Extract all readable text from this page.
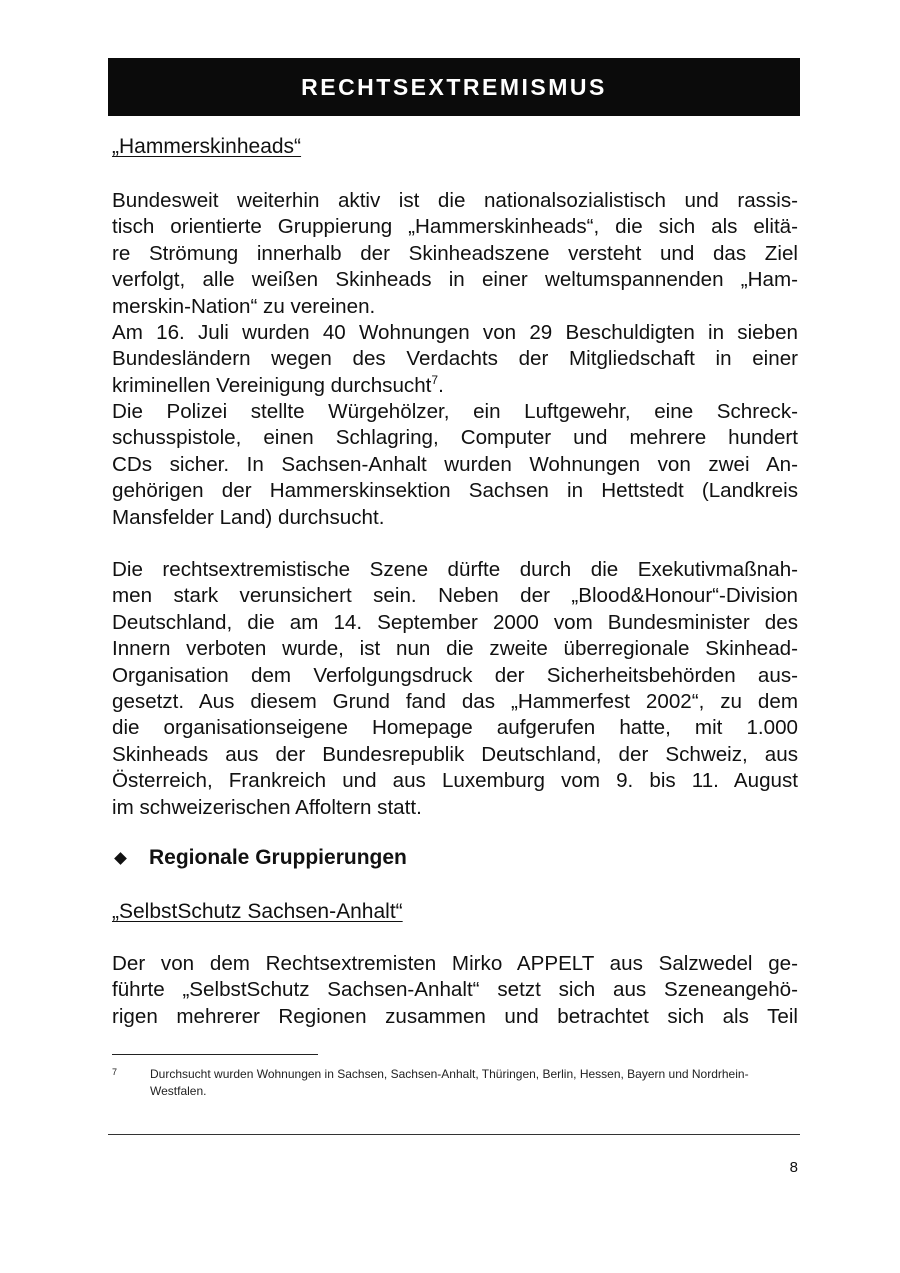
RECHTSEXTREMISMUS
„Hammerskinheads“
Bundesweit weiterhin aktiv ist die nationalsozialistisch und rassis-
tisch orientierte Gruppierung „Hammerskinheads“, die sich als elitä-
re Strömung innerhalb der Skinheadszene versteht und das Ziel
verfolgt, alle weißen Skinheads in einer weltumspannenden „Ham-
merskin-Nation“ zu vereinen.
Am 16. Juli wurden 40 Wohnungen von 29 Beschuldigten in sieben
Bundesländern wegen des Verdachts der Mitgliedschaft in einer
kriminellen Vereinigung durchsucht$^7$.
Die Polizei stellte Würgehölzer, ein Luftgewehr, eine Schreck-
schusspistole, einen Schlagring, Computer und mehrere hundert
CDs sicher. In Sachsen-Anhalt wurden Wohnungen von zwei An-
gehörigen der Hammerskinsektion Sachsen in Hettstedt (Landkreis
Mansfelder Land) durchsucht.
Die rechtsextremistische Szene dürfte durch die Exekutivmaßnah-
men stark verunsichert sein. Neben der „Blood&Honour“-Division
Deutschland, die am 14. September 2000 vom Bundesminister des
Innern verboten wurde, ist nun die zweite überregionale Skinhead-
Organisation dem Verfolgungsdruck der Sicherheitsbehörden aus-
gesetzt. Aus diesem Grund fand das „Hammerfest 2002“, zu dem
die organisationseigene Homepage aufgerufen hatte, mit 1.000
Skinheads aus der Bundesrepublik Deutschland, der Schweiz, aus
Österreich, Frankreich und aus Luxemburg vom 9. bis 11. August
im schweizerischen Affoltern statt.
Regionale Gruppierungen
„SelbstSchutz Sachsen-Anhalt“
Der von dem Rechtsextremisten Mirko APPELT aus Salzwedel ge-
führte „SelbstSchutz Sachsen-Anhalt“ setzt sich aus Szeneangehö-
rigen mehrerer Regionen zusammen und betrachtet sich als Teil
7	Durchsucht wurden Wohnungen in Sachsen, Sachsen-Anhalt, Thüringen, Berlin, Hessen, Bayern und Nordrhein-Westfalen.
8
